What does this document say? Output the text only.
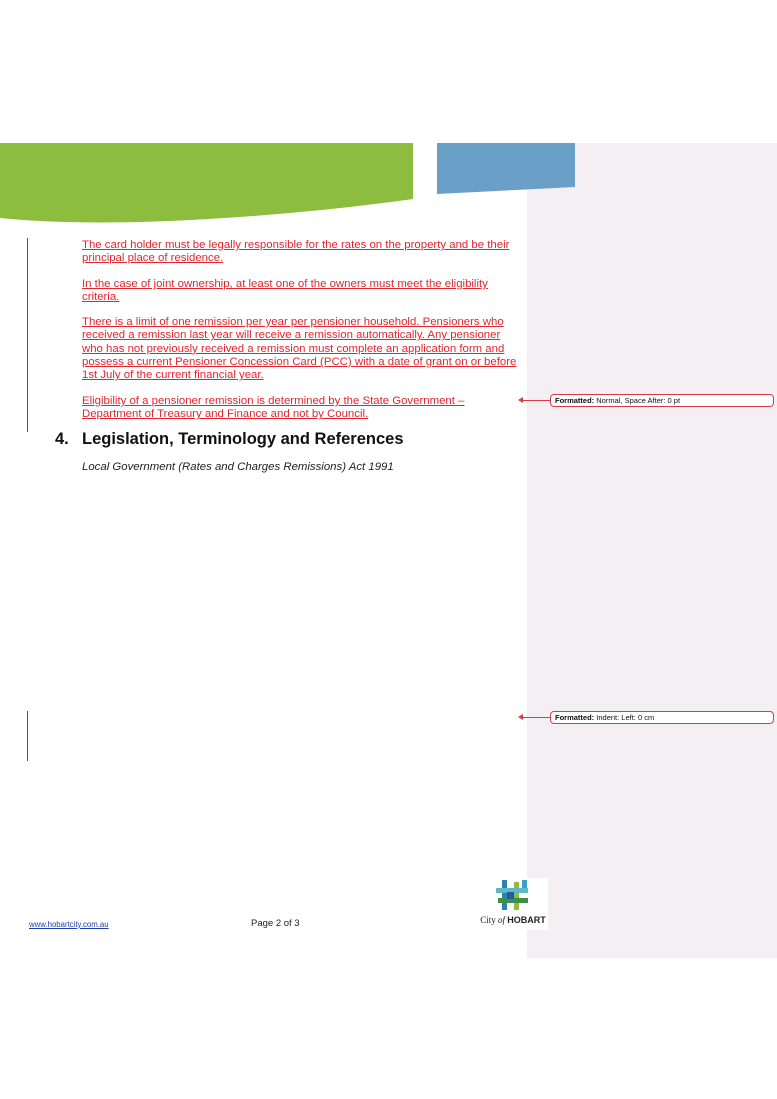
The card holder must be legally responsible for the rates on the property and be their principal place of residence.

In the case of joint ownership, at least one of the owners must meet the eligibility criteria.

There is a limit of one remission per year per pensioner household. Pensioners who received a remission last year will receive a remission automatically. Any pensioner who has not previously received a remission must complete an application form and possess a current Pensioner Concession Card (PCC) with a date of grant on or before 1st July of the current financial year.

Eligibility of a pensioner remission is determined by the State Government – Department of Treasury and Finance and not by Council.

4. Legislation, Terminology and References
Local Government (Rates and Charges Remissions) Act 1991
Formatted: Normal, Space After: 0 pt
Formatted: Indent: Left: 0 cm
www.hobartcity.com.au	Page 2 of 3	City of HOBART
